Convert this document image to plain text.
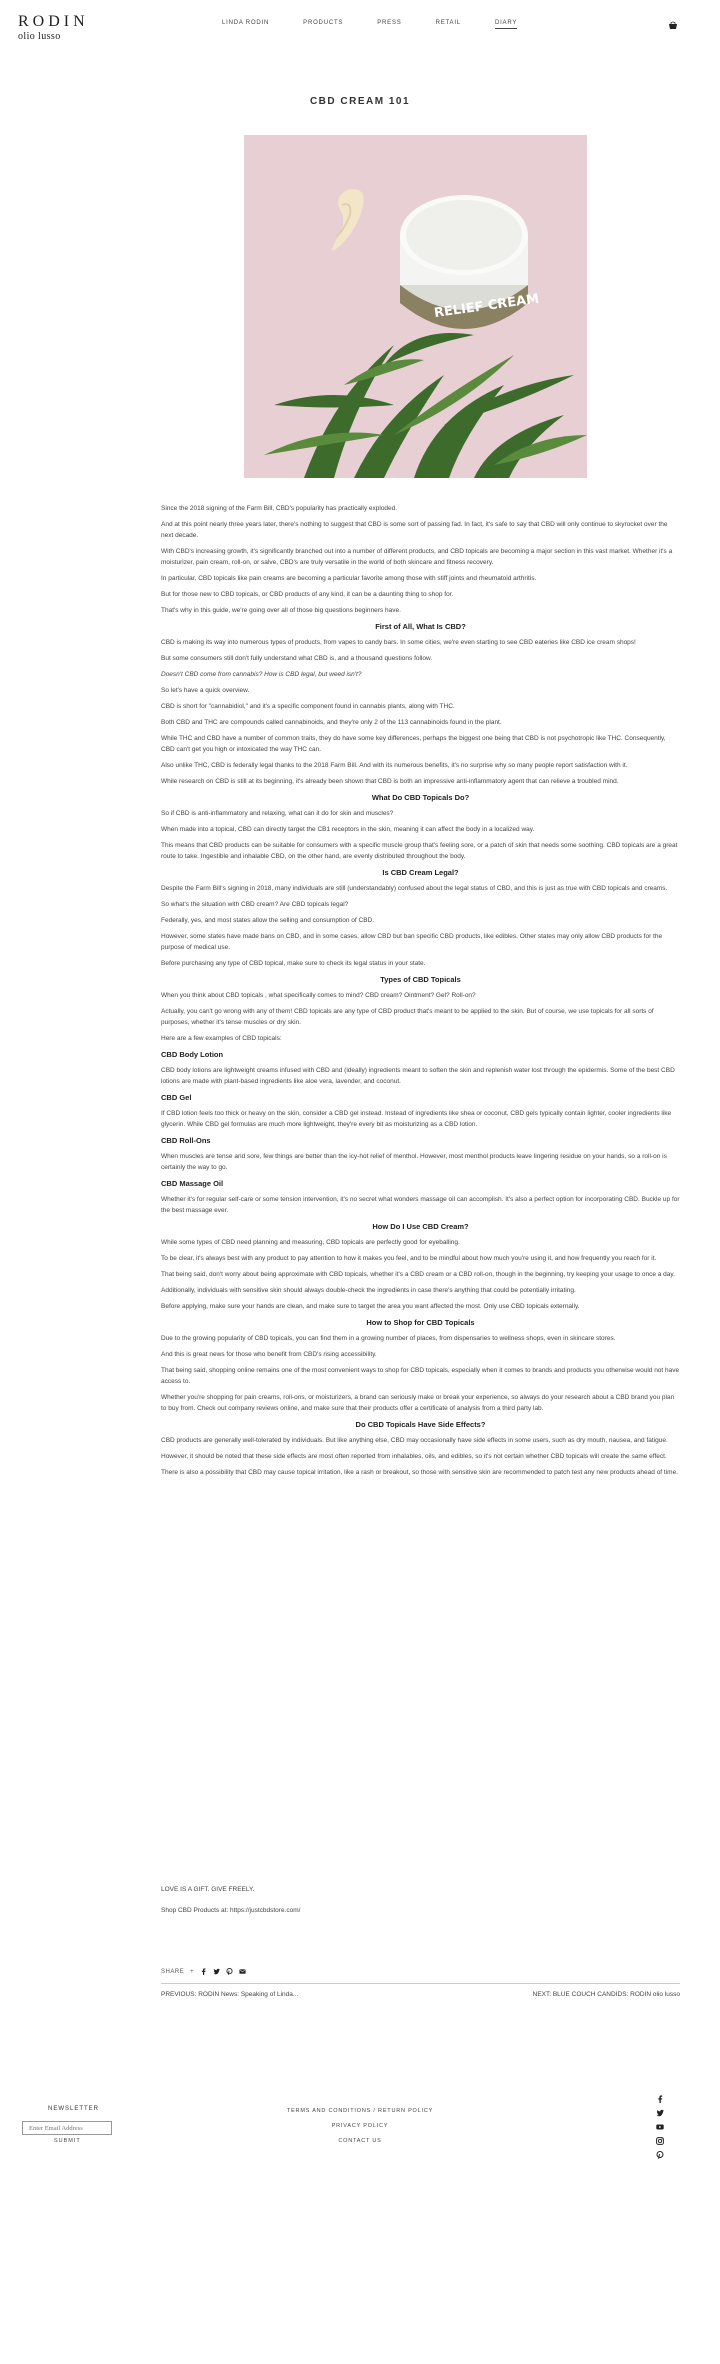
RODIN
olio lusso
LINDA RODIN	PRODUCTS	PRESS	RETAIL	DIARY
CBD CREAM 101
RELIEF CREAM

Since the 2018 signing of the Farm Bill, CBD's popularity has practically exploded.

And at this point nearly three years later, there's nothing to suggest that CBD is some sort of passing fad. In fact, it's safe to say that CBD will only continue to skyrocket over the next decade.

With CBD's increasing growth, it's significantly branched out into a number of different products, and CBD topicals are becoming a major section in this vast market. Whether it's a moisturizer, pain cream, roll-on, or salve, CBD's are truly versatile in the world of both skincare and fitness recovery.

In particular, CBD topicals like pain creams are becoming a particular favorite among those with stiff joints and rheumatoid arthritis.

But for those new to CBD topicals, or CBD products of any kind, it can be a daunting thing to shop for.

That's why in this guide, we're going over all of those big questions beginners have.

First of All, What Is CBD?

CBD is making its way into numerous types of products, from vapes to candy bars. In some cities, we're even starting to see CBD eateries like CBD ice cream shops!

But some consumers still don't fully understand what CBD is, and a thousand questions follow.

Doesn't CBD come from cannabis? How is CBD legal, but weed isn't?

So let's have a quick overview.

CBD is short for "cannabidiol," and it's a specific component found in cannabis plants, along with THC.

Both CBD and THC are compounds called cannabinoids, and they're only 2 of the 113 cannabinoids found in the plant.

While THC and CBD have a number of common traits, they do have some key differences, perhaps the biggest one being that CBD is not psychotropic like THC. Consequently, CBD can't get you high or intoxicated the way THC can.

Also unlike THC, CBD is federally legal thanks to the 2018 Farm Bill. And with its numerous benefits, it's no surprise why so many people report satisfaction with it.

While research on CBD is still at its beginning, it's already been shown that CBD is both an impressive anti-inflammatory agent that can relieve a troubled mind.

What Do CBD Topicals Do?

So if CBD is anti-inflammatory and relaxing, what can it do for skin and muscles?

When made into a topical, CBD can directly target the CB1 receptors in the skin, meaning it can affect the body in a localized way.

This means that CBD products can be suitable for consumers with a specific muscle group that's feeling sore, or a patch of skin that needs some soothing. CBD topicals are a great route to take. Ingestible and inhalable CBD, on the other hand, are evenly distributed throughout the body.

Is CBD Cream Legal?

Despite the Farm Bill's signing in 2018, many individuals are still (understandably) confused about the legal status of CBD, and this is just as true with CBD topicals and creams.

So what's the situation with CBD cream? Are CBD topicals legal?

Federally, yes, and most states allow the selling and consumption of CBD.

However, some states have made bans on CBD, and in some cases, allow CBD but ban specific CBD products, like edibles. Other states may only allow CBD products for the purpose of medical use.

Before purchasing any type of CBD topical, make sure to check its legal status in your state.

Types of CBD Topicals

When you think about CBD topicals , what specifically comes to mind? CBD cream? Ointment? Gel? Roll-on?

Actually, you can't go wrong with any of them! CBD topicals are any type of CBD product that's meant to be applied to the skin. But of course, we use topicals for all sorts of purposes, whether it's tense muscles or dry skin.

Here are a few examples of CBD topicals:

CBD Body Lotion

CBD body lotions are lightweight creams infused with CBD and (ideally) ingredients meant to soften the skin and replenish water lost through the epidermis. Some of the best CBD lotions are made with plant-based ingredients like aloe vera, lavender, and coconut.

CBD Gel

If CBD lotion feels too thick or heavy on the skin, consider a CBD gel instead. Instead of ingredients like shea or coconut, CBD gels typically contain lighter, cooler ingredients like glycerin. While CBD gel formulas are much more lightweight, they're every bit as moisturizing as a CBD lotion.

CBD Roll-Ons

When muscles are tense and sore, few things are better than the icy-hot relief of menthol. However, most menthol products leave lingering residue on your hands, so a roll-on is certainly the way to go.

CBD Massage Oil

Whether it's for regular self-care or some tension intervention, it's no secret what wonders massage oil can accomplish. It's also a perfect option for incorporating CBD. Buckle up for the best massage ever.

How Do I Use CBD Cream?

While some types of CBD need planning and measuring, CBD topicals are perfectly good for eyeballing.

To be clear, it's always best with any product to pay attention to how it makes you feel, and to be mindful about how much you're using it, and how frequently you reach for it.

That being said, don't worry about being approximate with CBD topicals, whether it's a CBD cream or a CBD roll-on, though in the beginning, try keeping your usage to once a day.

Additionally, individuals with sensitive skin should always double-check the ingredients in case there's anything that could be potentially irritating.

Before applying, make sure your hands are clean, and make sure to target the area you want affected the most. Only use CBD topicals externally.

How to Shop for CBD Topicals

Due to the growing popularity of CBD topicals, you can find them in a growing number of places, from dispensaries to wellness shops, even in skincare stores.

And this is great news for those who benefit from CBD's rising accessibility.

That being said, shopping online remains one of the most convenient ways to shop for CBD topicals, especially when it comes to brands and products you otherwise would not have access to.

Whether you're shopping for pain creams, roll-ons, or moisturizers, a brand can seriously make or break your experience, so always do your research about a CBD brand you plan to buy from. Check out company reviews online, and make sure that their products offer a certificate of analysis from a third party lab.

Do CBD Topicals Have Side Effects?

CBD products are generally well-tolerated by individuals. But like anything else, CBD may occasionally have side effects in some users, such as dry mouth, nausea, and fatigue.

However, it should be noted that these side effects are most often reported from inhalables, oils, and edibles, so it's not certain whether CBD topicals will create the same effect.

There is also a possibility that CBD may cause topical irritation, like a rash or breakout, so those with sensitive skin are recommended to patch test any new products ahead of time.

LOVE IS A GIFT. GIVE FREELY.

Shop CBD Products at: https://justcbdstore.com/

SHARE +
PREVIOUS: RODIN News: Speaking of Linda...	NEXT: BLUE COUCH CANDIDS: RODIN olio lusso
NEWSLETTER
Enter Email Address
SUBMIT
TERMS AND CONDITIONS / RETURN POLICY
PRIVACY POLICY
CONTACT US
